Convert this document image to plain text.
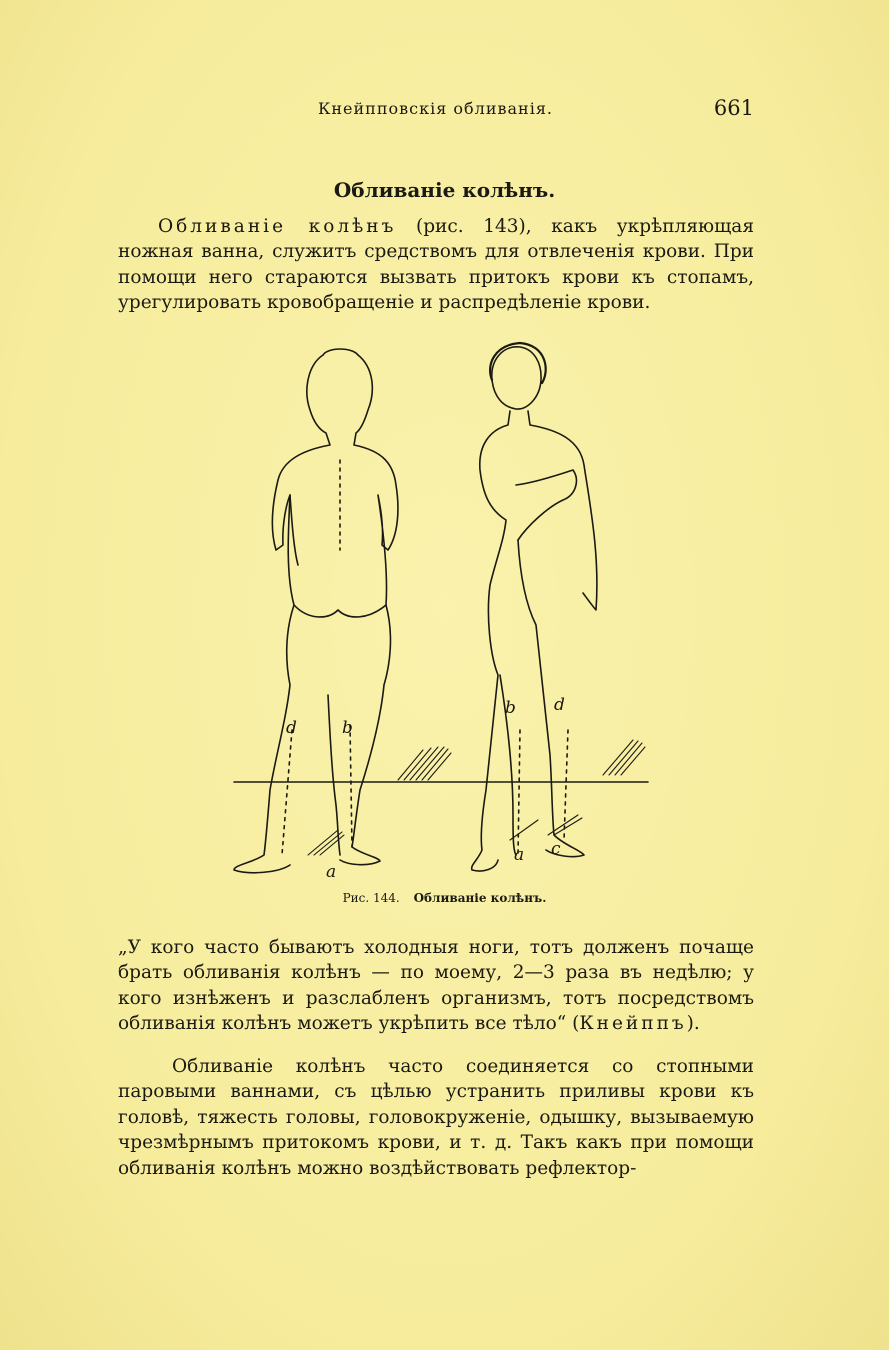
Кнейпповскія обливанія.	661
Обливаніе колѣнъ.

Обливаніе колѣнъ (рис. 143), какъ укрѣпляющая ножная ванна, служитъ средствомъ для отвлеченія крови. При помощи него стараются вызвать притокъ крови къ стопамъ, урегулировать кровобращеніе и распредѣленіе крови.

d	b
a
b d
a c
Рис. 144. Обливаніе колѣнъ.

„У кого часто бываютъ холодныя ноги, тотъ долженъ почаще брать обливанія колѣнъ — по моему, 2—3 раза въ недѣлю; у кого изнѣженъ и разслабленъ организмъ, тотъ посредствомъ обливанія колѣнъ можетъ укрѣпить все тѣло“ (Кнейппъ).

Обливаніе колѣнъ часто соединяется со стопными паровыми ваннами, съ цѣлью устранить приливы крови къ головѣ, тяжесть головы, головокруженіе, одышку, вызываемую чрезмѣрнымъ притокомъ крови, и т. д. Такъ какъ при помощи обливанія колѣнъ можно воздѣйствовать рефлектор-
